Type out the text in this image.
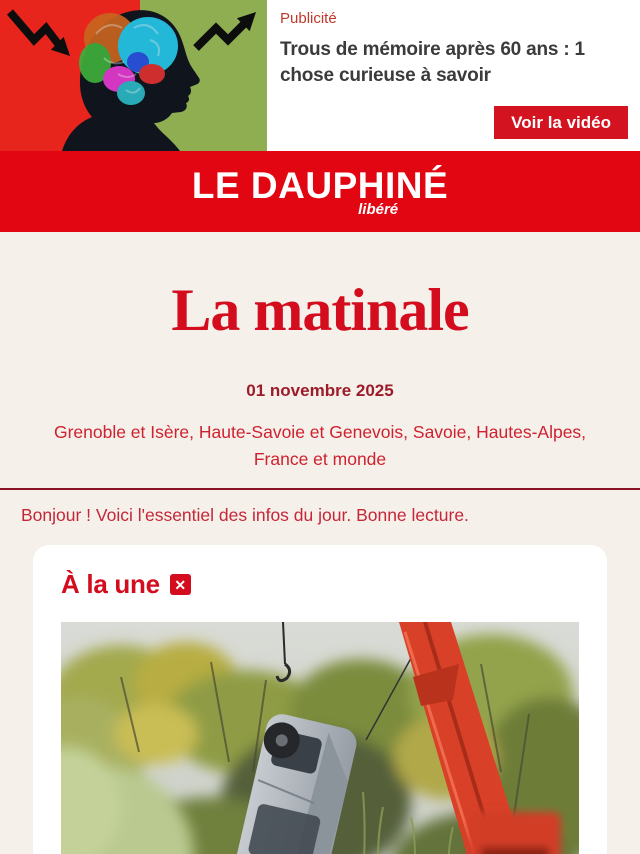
Publicité
Trous de mémoire après 60 ans : 1 chose curieuse à savoir
Voir la vidéo
LE DAUPHINÉ
libéré
La matinale
01 novembre 2025
Grenoble et Isère, Haute-Savoie et Genevois, Savoie, Hautes-Alpes, France et monde
Bonjour ! Voici l'essentiel des infos du jour. Bonne lecture.
À la une	✕
